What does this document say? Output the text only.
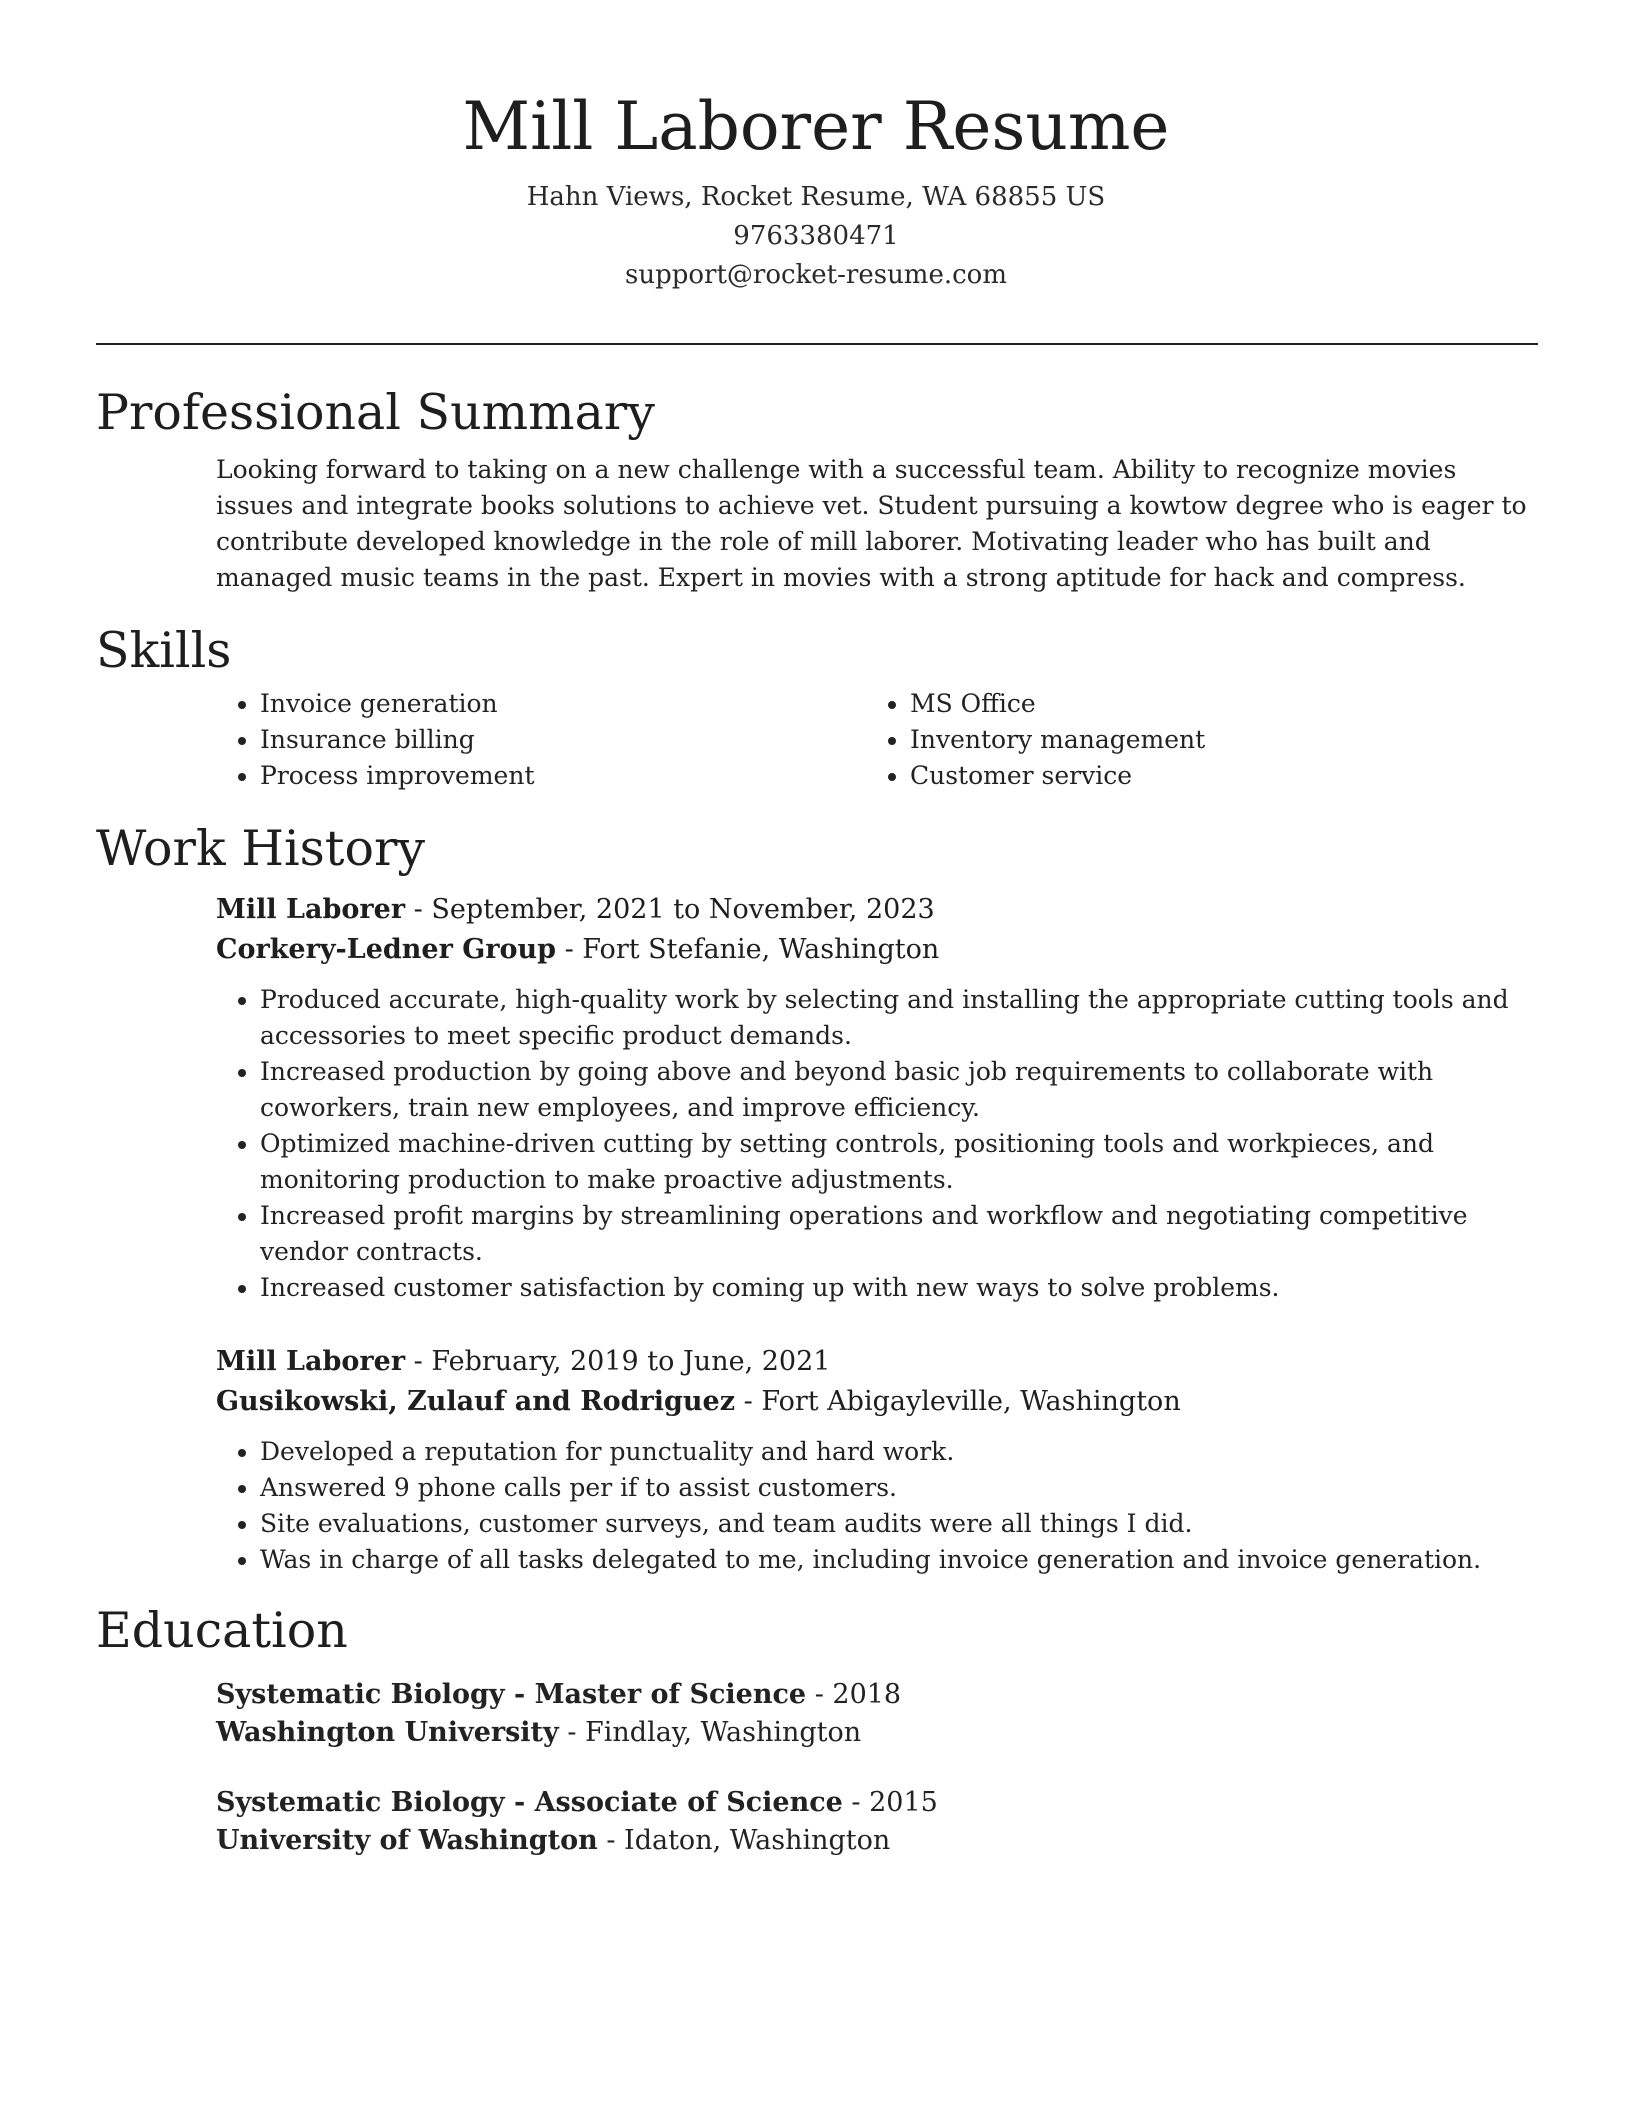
Mill Laborer Resume
Hahn Views, Rocket Resume, WA 68855 US
9763380471
support@rocket-resume.com
Professional Summary

Looking forward to taking on a new challenge with a successful team. Ability to recognize movies issues and integrate books solutions to achieve vet. Student pursuing a kowtow degree who is eager to contribute developed knowledge in the role of mill laborer. Motivating leader who has built and managed music teams in the past. Expert in movies with a strong aptitude for hack and compress.

Skills
• Invoice generation
• Insurance billing
• Process improvement
• MS Office
• Inventory management
• Customer service
Work History
Mill Laborer - September, 2021 to November, 2023
Corkery-Ledner Group - Fort Stefanie, Washington
• Produced accurate, high-quality work by selecting and installing the appropriate cutting tools and accessories to meet specific product demands.
• Increased production by going above and beyond basic job requirements to collaborate with coworkers, train new employees, and improve efficiency.
• Optimized machine-driven cutting by setting controls, positioning tools and workpieces, and monitoring production to make proactive adjustments.
• Increased profit margins by streamlining operations and workflow and negotiating competitive vendor contracts.
• Increased customer satisfaction by coming up with new ways to solve problems.
Mill Laborer - February, 2019 to June, 2021
Gusikowski, Zulauf and Rodriguez - Fort Abigayleville, Washington
• Developed a reputation for punctuality and hard work.
• Answered 9 phone calls per if to assist customers.
• Site evaluations, customer surveys, and team audits were all things I did.
• Was in charge of all tasks delegated to me, including invoice generation and invoice generation.
Education
Systematic Biology - Master of Science - 2018
Washington University - Findlay, Washington
Systematic Biology - Associate of Science - 2015
University of Washington - Idaton, Washington
